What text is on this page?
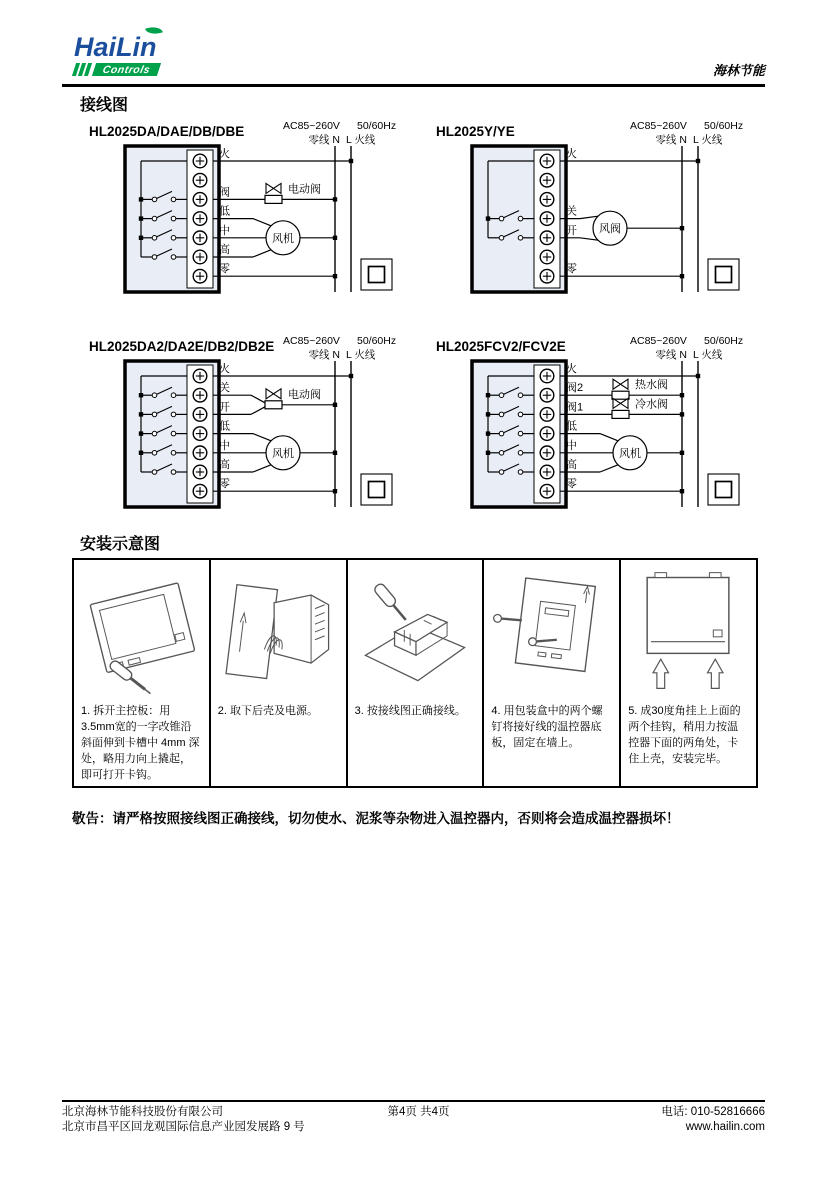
HaiLin
Controls	海林节能
接线图
AC85~260V 50/60Hz
零线 N L 火线
HL2025DA/DAE/DB/DBE
火
阀
低
中
高
零
电动阀
风机
AC85~260V 50/60Hz
零线 N L 火线
HL2025Y/YE
火
关
开
零
风阀
AC85~260V 50/60Hz
零线 N L 火线
HL2025DA2/DA2E/DB2/DB2E
火
关
开
低
中
高
零
电动阀
风机
AC85~260V 50/60Hz
零线 N L 火线
HL2025FCV2/FCV2E
火
阀2
阀1
低
中
高
零
热水阀
冷水阀
风机
安装示意图
1. 拆开主控板：用 3.5mm宽的一字改锥沿斜面伸到卡槽中 4mm 深处，略用力向上撬起，即可打开卡钩。
2. 取下后壳及电源。	3. 按接线图正确接线。	4. 用包装盒中的两个螺钉将接好线的温控器底板，固定在墙上。
5. 成30度角挂上上面的两个挂钩，稍用力按温控器下面的两角处，卡住上壳，安装完毕。
敬告：请严格按照接线图正确接线，切勿使水、泥浆等杂物进入温控器内，否则将会造成温控器损坏！
北京海林节能科技股份有限公司
北京市昌平区回龙观国际信息产业园发展路 9 号
第4页 共4页	电话: 010-52816666
www.hailin.com
